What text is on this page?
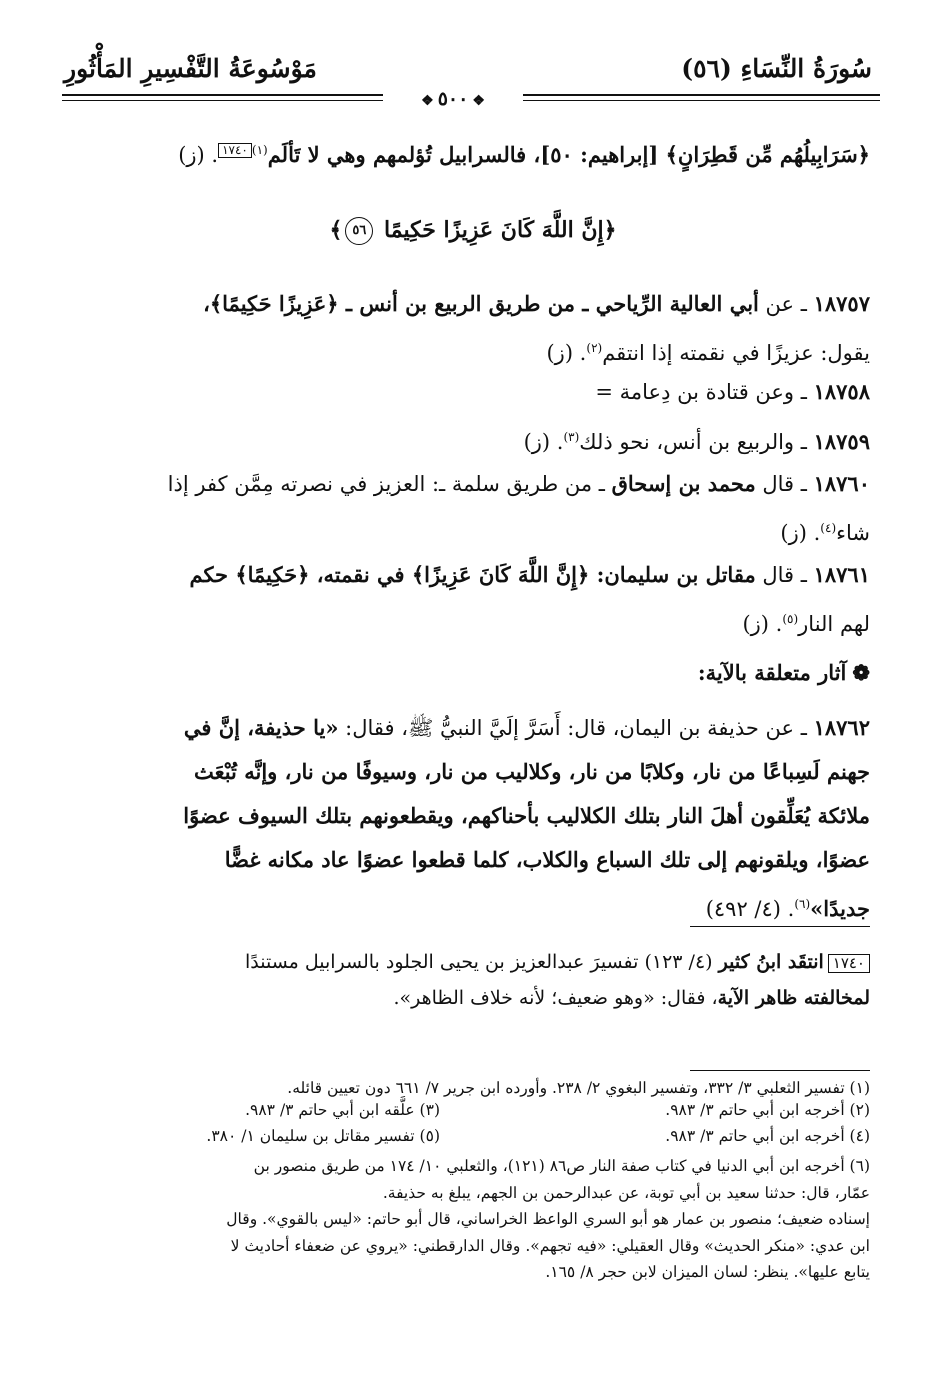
مَوْسُوعَةُ التَّفْسِيرِ المَأْثُورِ	سُورَةُ النِّسَاءِ (٥٦)
❖٥٠٠❖
﴿سَرَابِيلُهُم مِّن قَطِرَانٍ﴾ [إبراهيم: ٥٠]، فالسرابيل تُؤلمهم وهي لا تَألَم$^{(١)}$١٧٤٠. (ز)
﴿إِنَّ اللَّهَ كَانَ عَزِيزًا حَكِيمًا ٥٦﴾
١٨٧٥٧ ـ عن أبي العالية الرِّياحي ـ من طريق الربيع بن أنس ـ ﴿عَزِيزًا حَكِيمًا﴾،
يقول: عزيزًا في نقمته إذا انتقم$^{(٢)}$. (ز)
١٨٧٥٨ ـ وعن قتادة بن دِعامة =
١٨٧٥٩ ـ والربيع بن أنس، نحو ذلك$^{(٣)}$. (ز)
١٨٧٦٠ ـ قال محمد بن إسحاق ـ من طريق سلمة ـ: العزيز في نصرته مِمَّن كفر إذا
شاء$^{(٤)}$. (ز)
١٨٧٦١ ـ قال مقاتل بن سليمان: ﴿إِنَّ اللَّهَ كَانَ عَزِيزًا﴾ في نقمته، ﴿حَكِيمًا﴾ حكم
لهم النار$^{(٥)}$. (ز)
❁آثار متعلقة بالآية:
١٨٧٦٢ ـ عن حذيفة بن اليمان، قال: أَسَرَّ إلَيَّ النبيُّ ﷺ، فقال: «يا حذيفة، إنَّ في
جهنم لَسِباعًا من نار، وكلابًا من نار، وكلاليب من نار، وسيوفًا من نار، وإنَّه تُبْعَث
ملائكة يُعَلِّقون أهلَ النار بتلك الكلاليب بأحناكهم، ويقطعونهم بتلك السيوف عضوًا
عضوًا، ويلقونهم إلى تلك السباع والكلاب، كلما قطعوا عضوًا عاد مكانه غضًّا
جديدًا»$^{(٦)}$. (٤/ ٤٩٢)
١٧٤٠انتقَد ابنُ كثير (٤/ ١٢٣) تفسيرَ عبدالعزيز بن يحيى الجلود بالسرابيل مستندًا
لمخالفته ظاهر الآية، فقال: «وهو ضعيف؛ لأنه خلاف الظاهر».
(١) تفسير الثعلبي ٣/ ٣٣٢، وتفسير البغوي ٢/ ٢٣٨. وأورده ابن جرير ٧/ ٦٦١ دون تعيين قائله.
(٢) أخرجه ابن أبي حاتم ٣/ ٩٨٣.
(٣) علَّقه ابن أبي حاتم ٣/ ٩٨٣.
(٤) أخرجه ابن أبي حاتم ٣/ ٩٨٣.
(٥) تفسير مقاتل بن سليمان ١/ ٣٨٠.
(٦) أخرجه ابن أبي الدنيا في كتاب صفة النار ص٨٦ (١٢١)، والثعلبي ١٠/ ١٧٤ من طريق منصور بن
عمّار، قال: حدثنا سعيد بن أبي توبة، عن عبدالرحمن بن الجهم، يبلغ به حذيفة.
إسناده ضعيف؛ منصور بن عمار هو أبو السري الواعظ الخراساني، قال أبو حاتم: «ليس بالقوي». وقال
ابن عدي: «منكر الحديث» وقال العقيلي: «فيه تجهم». وقال الدارقطني: «يروي عن ضعفاء أحاديث لا
يتابع عليها». ينظر: لسان الميزان لابن حجر ٨/ ١٦٥.
